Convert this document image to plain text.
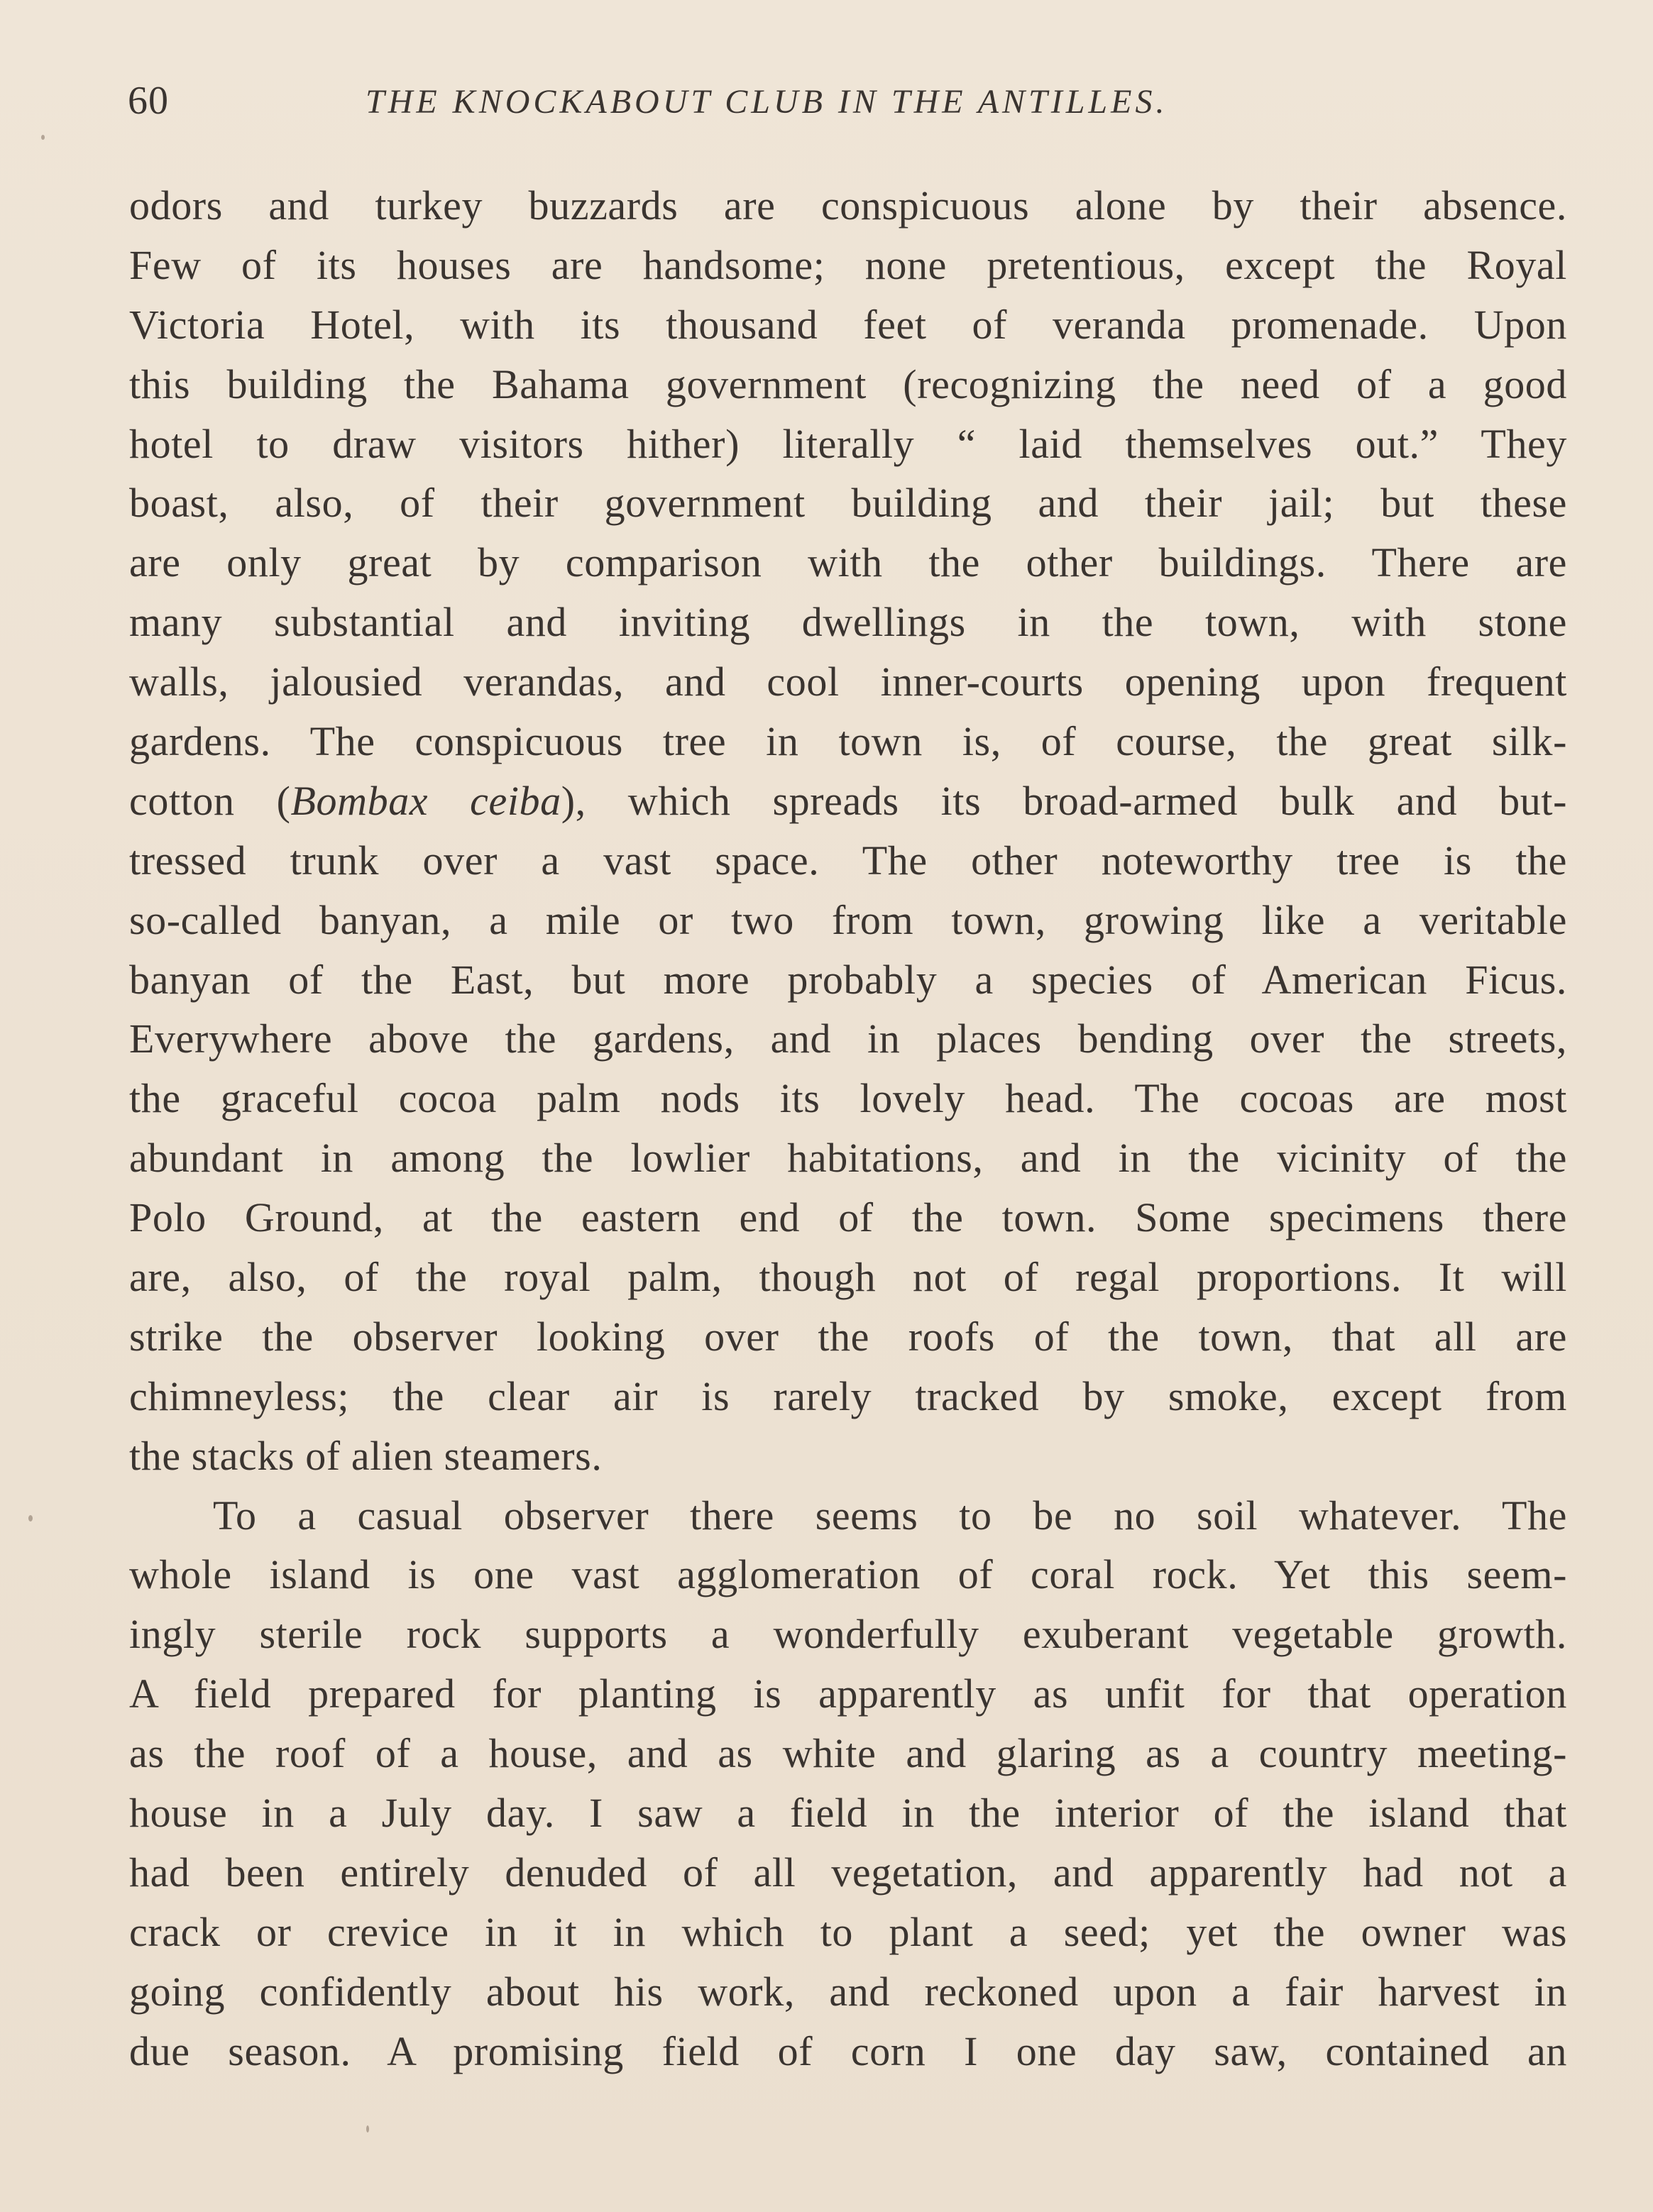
60	THE KNOCKABOUT CLUB IN THE ANTILLES.
odors and turkey buzzards are conspicuous alone by their absence.
Few of its houses are handsome; none pretentious, except the Royal
Victoria Hotel, with its thousand feet of veranda promenade. Upon
this building the Bahama government (recognizing the need of a good
hotel to draw visitors hither) literally “ laid themselves out.” They
boast, also, of their government building and their jail; but these
are only great by comparison with the other buildings. There are
many substantial and inviting dwellings in the town, with stone
walls, jalousied verandas, and cool inner-courts opening upon frequent
gardens. The conspicuous tree in town is, of course, the great silk-
cotton (Bombax ceiba), which spreads its broad-armed bulk and but-
tressed trunk over a vast space. The other noteworthy tree is the
so-called banyan, a mile or two from town, growing like a veritable
banyan of the East, but more probably a species of American Ficus.
Everywhere above the gardens, and in places bending over the streets,
the graceful cocoa palm nods its lovely head. The cocoas are most
abundant in among the lowlier habitations, and in the vicinity of the
Polo Ground, at the eastern end of the town. Some specimens there
are, also, of the royal palm, though not of regal proportions. It will
strike the observer looking over the roofs of the town, that all are
chimneyless; the clear air is rarely tracked by smoke, except from
the stacks of alien steamers.
To a casual observer there seems to be no soil whatever. The
whole island is one vast agglomeration of coral rock. Yet this seem-
ingly sterile rock supports a wonderfully exuberant vegetable growth.
A field prepared for planting is apparently as unfit for that operation
as the roof of a house, and as white and glaring as a country meeting-
house in a July day. I saw a field in the interior of the island that
had been entirely denuded of all vegetation, and apparently had not a
crack or crevice in it in which to plant a seed; yet the owner was
going confidently about his work, and reckoned upon a fair harvest in
due season. A promising field of corn I one day saw, contained an
